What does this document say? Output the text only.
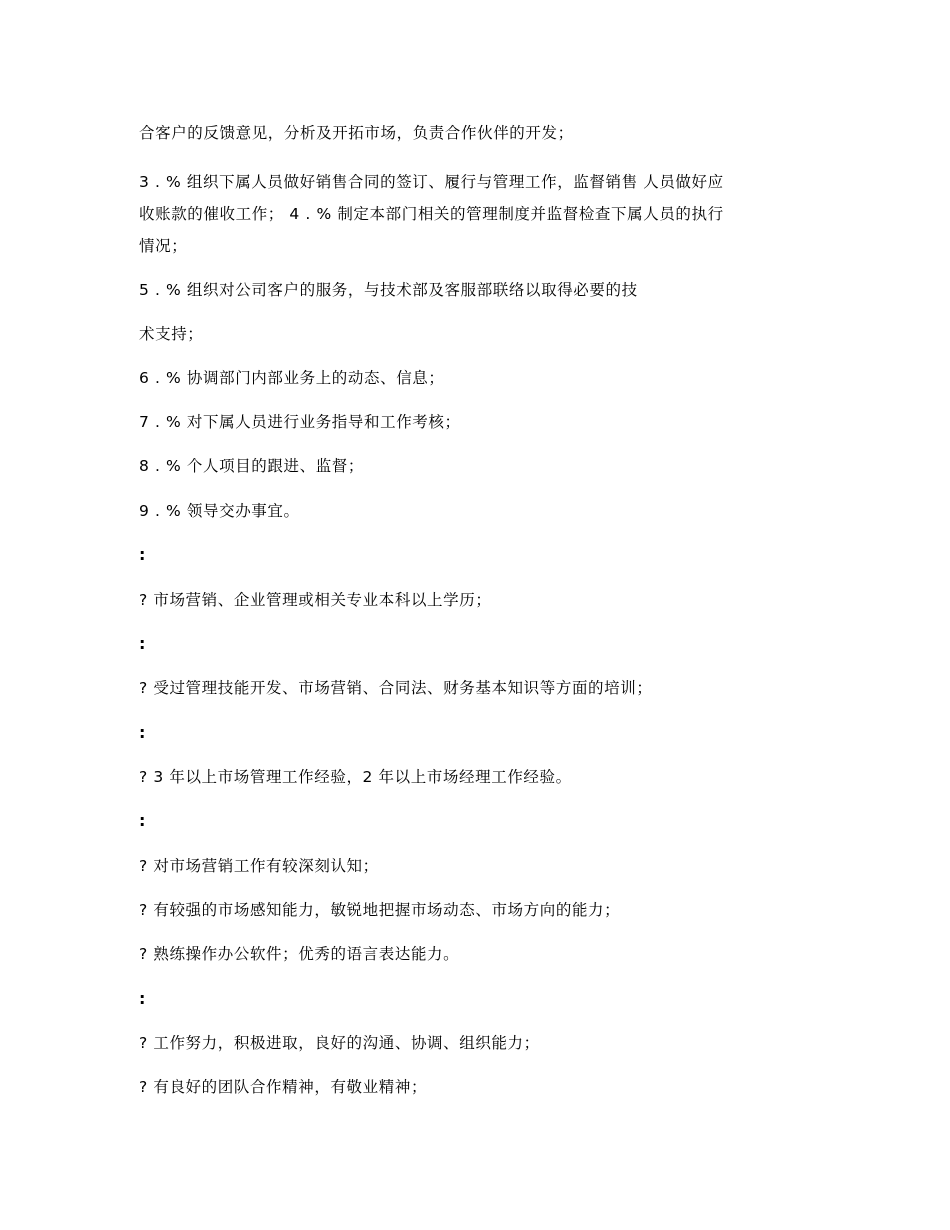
合客户的反馈意见，分析及开拓市场，负责合作伙伴的开发；
3 . % 组织下属人员做好销售合同的签订、履行与管理工作，监督销售 人员做好应
收账款的催收工作； 4 . % 制定本部门相关的管理制度并监督检查下属人员的执行
情况；
5 . % 组织对公司客户的服务，与技术部及客服部联络以取得必要的技
术支持；
6 . % 协调部门内部业务上的动态、信息；
7 . % 对下属人员进行业务指导和工作考核；
8 . % 个人项目的跟进、监督；
9 . % 领导交办事宜。
:
? 市场营销、企业管理或相关专业本科以上学历；
:
? 受过管理技能开发、市场营销、合同法、财务基本知识等方面的培训；
:
? 3 年以上市场管理工作经验，2 年以上市场经理工作经验。
:
? 对市场营销工作有较深刻认知；
? 有较强的市场感知能力，敏锐地把握市场动态、市场方向的能力；
? 熟练操作办公软件；优秀的语言表达能力。
:
? 工作努力，积极进取，良好的沟通、协调、组织能力；
? 有良好的团队合作精神，有敬业精神；
